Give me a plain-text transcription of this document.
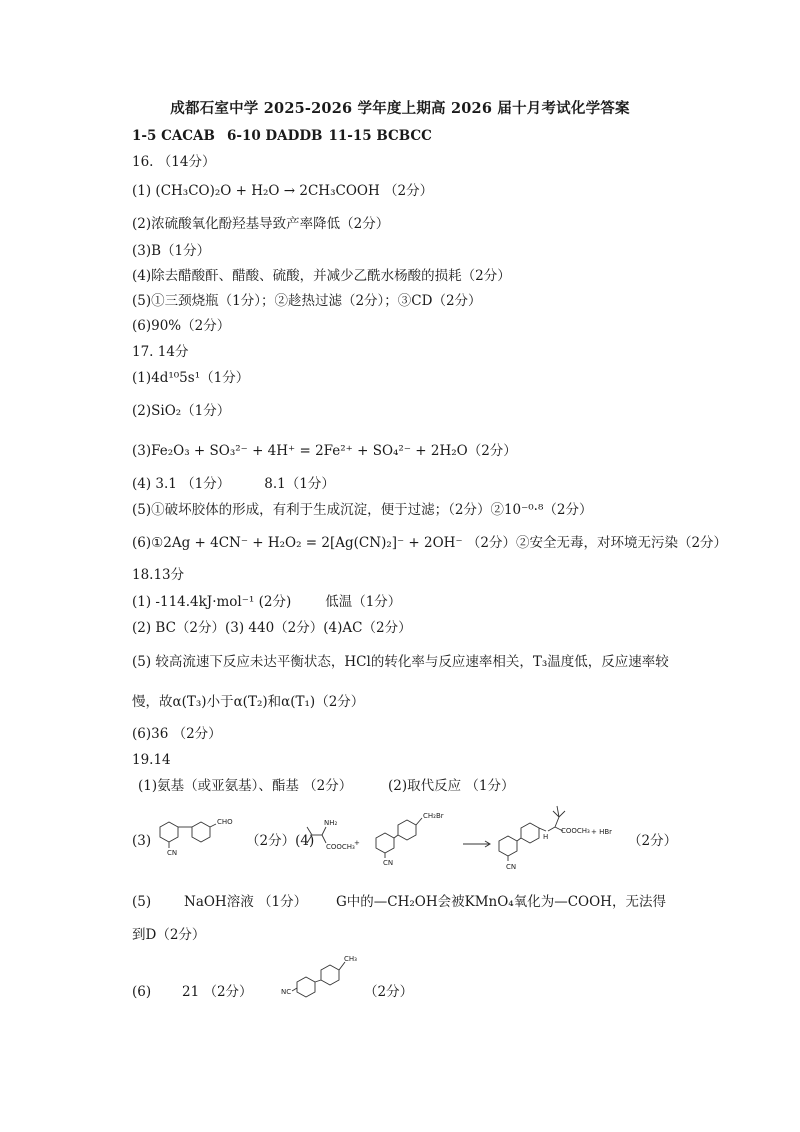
成都石室中学 2025-2026 学年度上期高 2026 届十月考试化学答案
1-5 CACAB 6-10 DADDB 11-15 BCBCC
16. （14分）
(1) (CH₃CO)₂O + H₂O → 2CH₃COOH （2分）
(2)浓硫酸氧化酚羟基导致产率降低（2分）
(3)B（1分）
(4)除去醋酸酐、醋酸、硫酸，并减少乙酰水杨酸的损耗（2分）
(5)①三颈烧瓶（1分）；②趁热过滤（2分）；③CD（2分）
(6)90%（2分）
17. 14分
(1)4d¹⁰5s¹（1分）
(2)SiO₂（1分）
(3)Fe₂O₃ + SO₃²⁻ + 4H⁺ = 2Fe²⁺ + SO₄²⁻ + 2H₂O（2分）
(4) 3.1 （1分）	8.1（1分）
(5)①破坏胶体的形成，有利于生成沉淀，便于过滤；（2分）②10⁻⁰·⁸（2分）
(6)①2Ag + 4CN⁻ + H₂O₂ = 2[Ag(CN)₂]⁻ + 2OH⁻ （2分）②安全无毒，对环境无污染（2分）
18.13分
(1) -114.4kJ·mol⁻¹ (2分)	低温（1分）
(2) BC（2分）(3) 440（2分）(4)AC（2分）
(5) 较高流速下反应未达平衡状态，HCl的转化率与反应速率相关，T₃温度低，反应速率较
慢，故α(T₃)小于α(T₂)和α(T₁)（2分）
(6)36 （2分）
19.14
(1)氨基（或亚氨基）、酯基 （2分）	(2)取代反应 （1分）
(3)
CHO
CN
（2分）(4)
NH₂
COOCH₃ +
CH₂Br
CN
H
COOCH₃ + HBr
CN
（2分）
(5) NaOH溶液 （1分） G中的—CH₂OH会被KMnO₄氧化为—COOH，无法得
到D（2分）
(6) 21 （2分）
CH₃
NC	（2分）
